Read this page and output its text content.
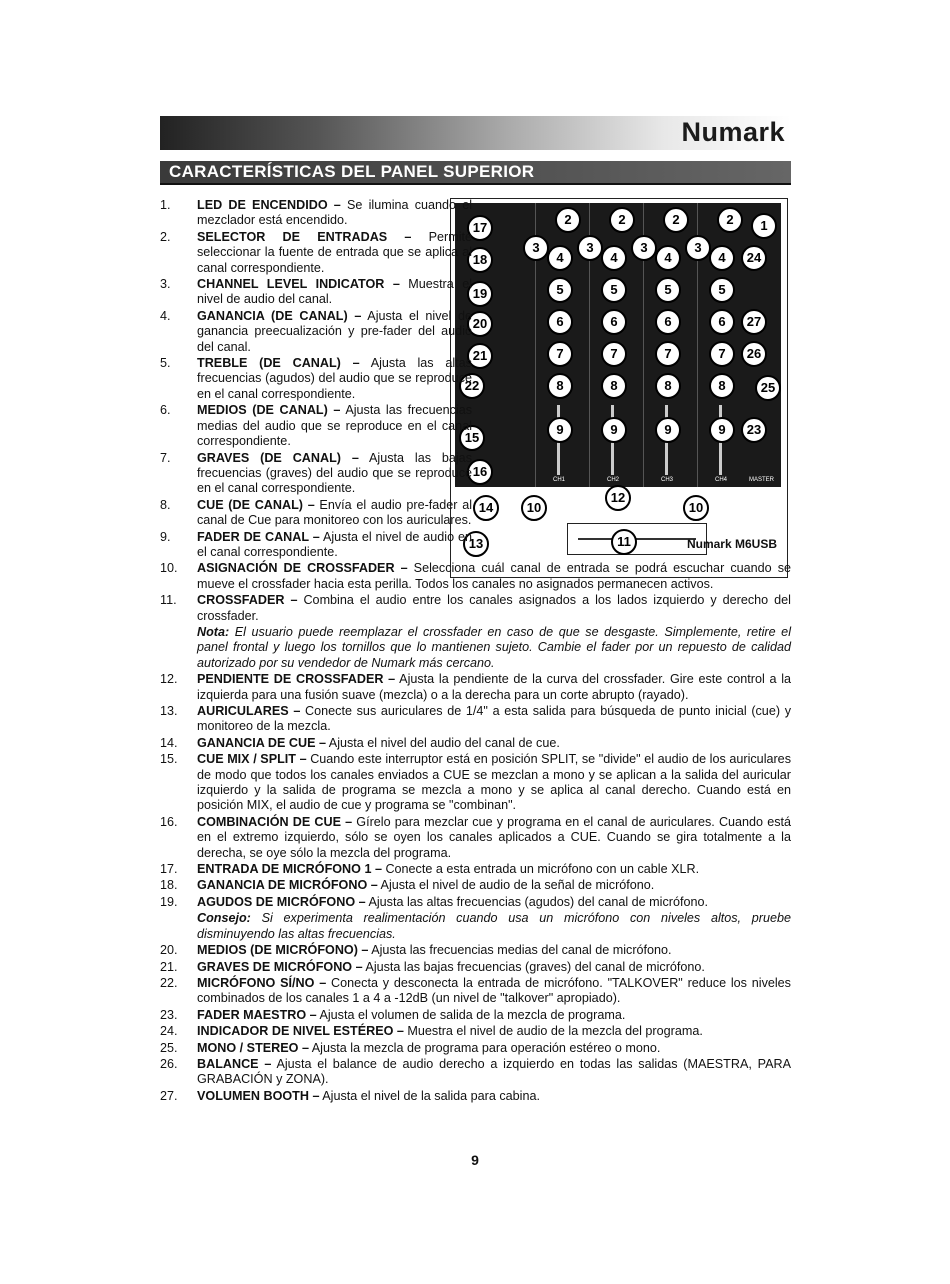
Numark
CARACTERÍSTICAS DEL PANEL SUPERIOR
2
3
4
5
6
7
8
9
CH1
2
3
4
5
6
7
8
9
CH2
2
3
4
5
6
7
8
9
CH3
2
3
4
5
6
7
8
9
CH4
17
18
19
20
21
22
15
16
1
24
27
26
25
23
MASTER
Numark M6USB
14
13
10
12
10
11
1.	LED DE ENCENDIDO – Se ilumina cuando el mezclador está encendido.
2.	SELECTOR DE ENTRADAS – Permite seleccionar la fuente de entrada que se aplica al canal correspondiente.
3.	CHANNEL LEVEL INDICATOR – Muestra el nivel de audio del canal.
4.	GANANCIA (DE CANAL) – Ajusta el nivel de ganancia preecualización y pre-fader del audio del canal.
5.	TREBLE (DE CANAL) – Ajusta las altas frecuencias (agudos) del audio que se reproduce en el canal correspondiente.
6.	MEDIOS (DE CANAL) – Ajusta las frecuencias medias del audio que se reproduce en el canal correspondiente.
7.	GRAVES (DE CANAL) – Ajusta las bajas frecuencias (graves) del audio que se reproduce en el canal correspondiente.
8.	CUE (DE CANAL) – Envía el audio pre-fader al canal de Cue para monitoreo con los auriculares.
9.	FADER DE CANAL – Ajusta el nivel de audio en el canal correspondiente.
10.	ASIGNACIÓN DE CROSSFADER – Selecciona cuál canal de entrada se podrá escuchar cuando se mueve el crossfader hacia esta perilla. Todos los canales no asignados permanecen activos.
11.	CROSSFADER – Combina el audio entre los canales asignados a los lados izquierdo y derecho del crossfader.
Nota: El usuario puede reemplazar el crossfader en caso de que se desgaste. Simplemente, retire el panel frontal y luego los tornillos que lo mantienen sujeto. Cambie el fader por un repuesto de calidad autorizado por su vendedor de Numark más cercano.
12.	PENDIENTE DE CROSSFADER – Ajusta la pendiente de la curva del crossfader. Gire este control a la izquierda para una fusión suave (mezcla) o a la derecha para un corte abrupto (rayado).
13.	AURICULARES – Conecte sus auriculares de 1/4" a esta salida para búsqueda de punto inicial (cue) y monitoreo de la mezcla.
14.	GANANCIA DE CUE – Ajusta el nivel del audio del canal de cue.
15.	CUE MIX / SPLIT – Cuando este interruptor está en posición SPLIT, se "divide" el audio de los auriculares de modo que todos los canales enviados a CUE se mezclan a mono y se aplican a la salida del auricular izquierdo y la salida de programa se mezcla a mono y se aplica al canal derecho. Cuando está en posición MIX, el audio de cue y programa se "combinan".
16.	COMBINACIÓN DE CUE – Gírelo para mezclar cue y programa en el canal de auriculares. Cuando está en el extremo izquierdo, sólo se oyen los canales aplicados a CUE. Cuando se gira totalmente a la derecha, se oye sólo la mezcla del programa.
17.	ENTRADA DE MICRÓFONO 1 – Conecte a esta entrada un micrófono con un cable XLR.
18.	GANANCIA DE MICRÓFONO – Ajusta el nivel de audio de la señal de micrófono.
19.	AGUDOS DE MICRÓFONO – Ajusta las altas frecuencias (agudos) del canal de micrófono.
Consejo: Si experimenta realimentación cuando usa un micrófono con niveles altos, pruebe disminuyendo las altas frecuencias.
20.	MEDIOS (DE MICRÓFONO) – Ajusta las frecuencias medias del canal de micrófono.
21.	GRAVES DE MICRÓFONO – Ajusta las bajas frecuencias (graves) del canal de micrófono.
22.	MICRÓFONO SÍ/NO – Conecta y desconecta la entrada de micrófono. "TALKOVER" reduce los niveles combinados de los canales 1 a 4 a -12dB (un nivel de "talkover" apropiado).
23.	FADER MAESTRO – Ajusta el volumen de salida de la mezcla de programa.
24.	INDICADOR DE NIVEL ESTÉREO – Muestra el nivel de audio de la mezcla del programa.
25.	MONO / STEREO – Ajusta la mezcla de programa para operación estéreo o mono.
26.	BALANCE – Ajusta el balance de audio derecho a izquierdo en todas las salidas (MAESTRA, PARA GRABACIÓN y ZONA).
27.	VOLUMEN BOOTH – Ajusta el nivel de la salida para cabina.
9
